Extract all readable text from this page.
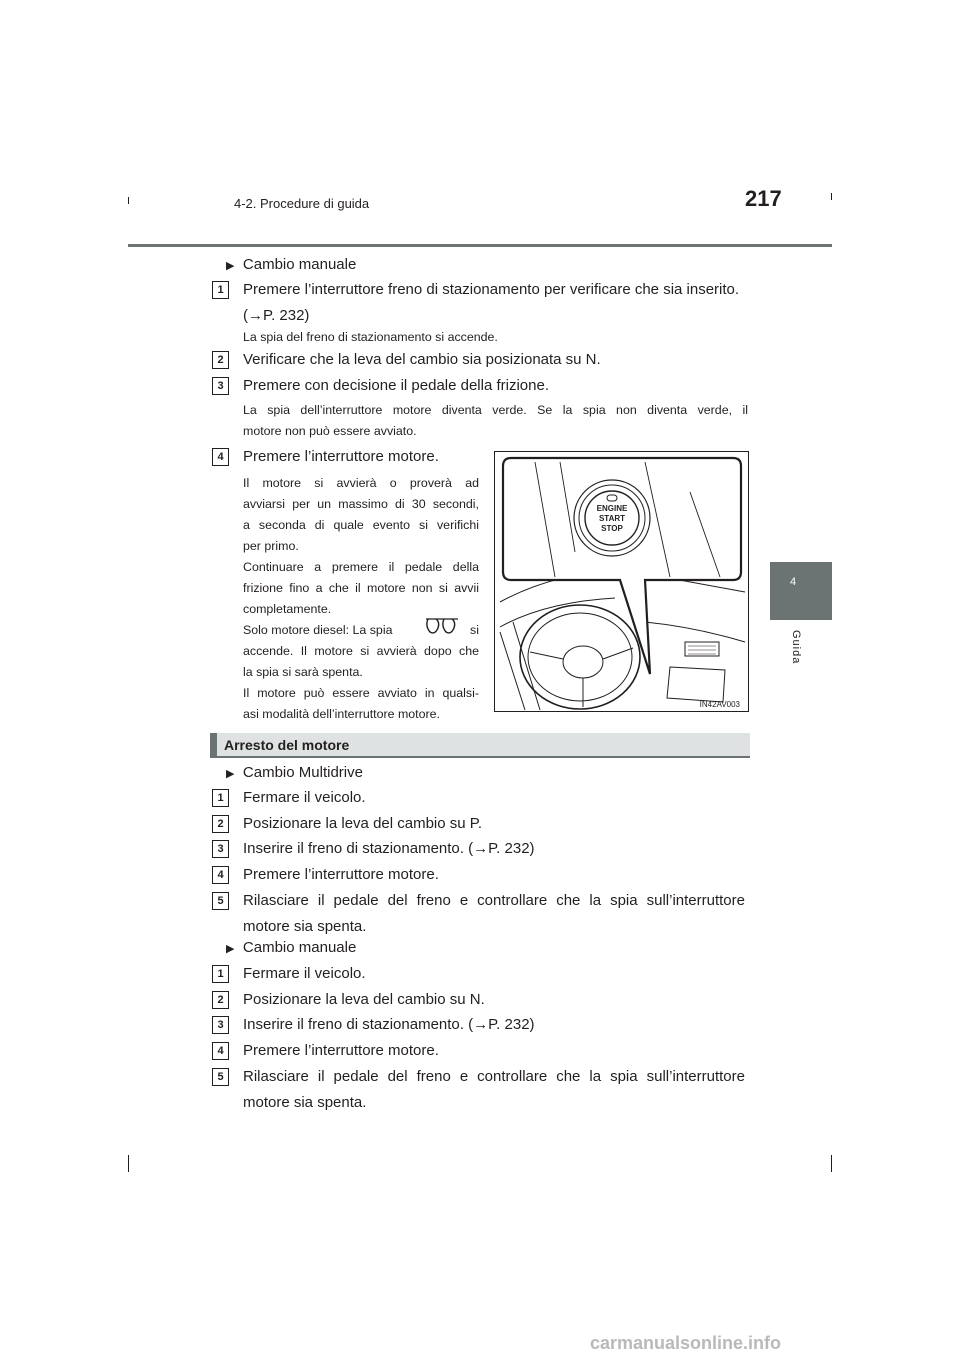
4-2. Procedure di guida	217
4
Guida
▶ Cambio manuale
1	Premere l’interruttore freno di stazionamento per verificare che sia inserito.
(→P. 232)
La spia del freno di stazionamento si accende.
2	Verificare che la leva del cambio sia posizionata su N.
3	Premere con decisione il pedale della frizione.
La spia dell’interruttore motore diventa verde. Se la spia non diventa verde, il
motore non può essere avviato.
4	Premere l’interruttore motore.
Il motore si avvierà o proverà ad
avviarsi per un massimo di 30 secondi,
a seconda di quale evento si verifichi
per primo.
Continuare a premere il pedale della
frizione fino a che il motore non si avvii
completamente.
Solo motore diesel: La spia	si
accende. Il motore si avvierà dopo che
la spia si sarà spenta.
Il motore può essere avviato in qualsi-
asi modalità dell’interruttore motore.
ENGINE
START
STOP
IN42AV003
Arresto del motore
▶ Cambio Multidrive
1	Fermare il veicolo.
2	Posizionare la leva del cambio su P.
3	Inserire il freno di stazionamento. (→P. 232)
4	Premere l’interruttore motore.
5	Rilasciare il pedale del freno e controllare che la spia sull’interruttore
motore sia spenta.
▶ Cambio manuale
1	Fermare il veicolo.
2	Posizionare la leva del cambio su N.
3	Inserire il freno di stazionamento. (→P. 232)
4	Premere l’interruttore motore.
5	Rilasciare il pedale del freno e controllare che la spia sull’interruttore
motore sia spenta.
carmanualsonline.info
